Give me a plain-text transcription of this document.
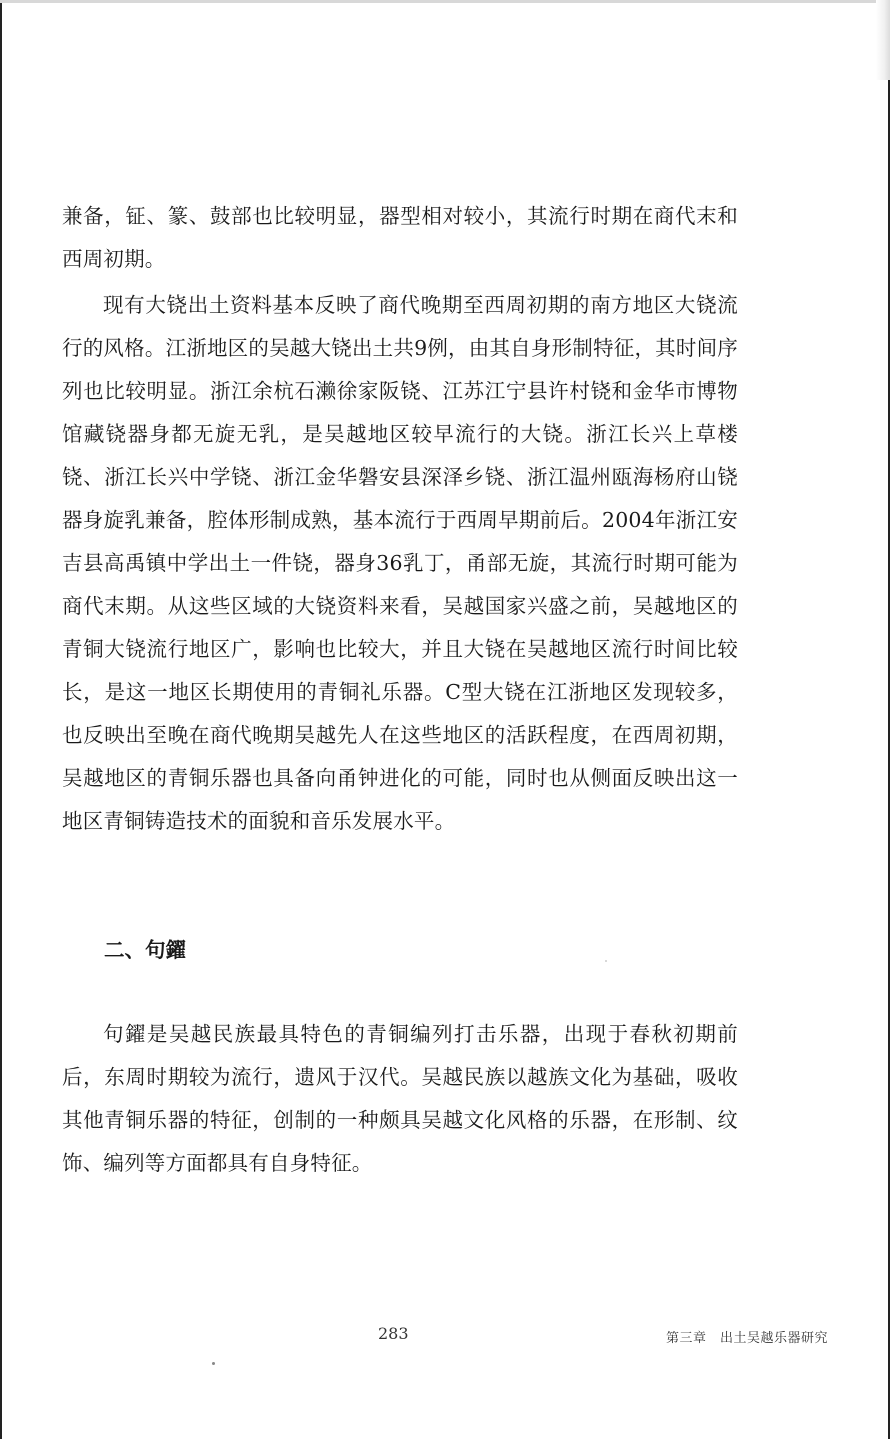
兼备，钲、篆、鼓部也比较明显，器型相对较小，其流行时期在商代末和西周初期。

现有大铙出土资料基本反映了商代晚期至西周初期的南方地区大铙流行的风格。江浙地区的吴越大铙出土共9例，由其自身形制特征，其时间序列也比较明显。浙江余杭石濑徐家阪铙、江苏江宁县许村铙和金华市博物馆藏铙器身都无旋无乳，是吴越地区较早流行的大铙。浙江长兴上草楼铙、浙江长兴中学铙、浙江金华磐安县深泽乡铙、浙江温州瓯海杨府山铙器身旋乳兼备，腔体形制成熟，基本流行于西周早期前后。2004年浙江安吉县高禹镇中学出土一件铙，器身36乳丁，甬部无旋，其流行时期可能为商代末期。从这些区域的大铙资料来看，吴越国家兴盛之前，吴越地区的青铜大铙流行地区广，影响也比较大，并且大铙在吴越地区流行时间比较长，是这一地区长期使用的青铜礼乐器。C型大铙在江浙地区发现较多，也反映出至晚在商代晚期吴越先人在这些地区的活跃程度，在西周初期，吴越地区的青铜乐器也具备向甬钟进化的可能，同时也从侧面反映出这一地区青铜铸造技术的面貌和音乐发展水平。

二、句鑃

句鑃是吴越民族最具特色的青铜编列打击乐器，出现于春秋初期前后，东周时期较为流行，遗风于汉代。吴越民族以越族文化为基础，吸收其他青铜乐器的特征，创制的一种颇具吴越文化风格的乐器，在形制、纹饰、编列等方面都具有自身特征。

283	第三章　出土吴越乐器研究
